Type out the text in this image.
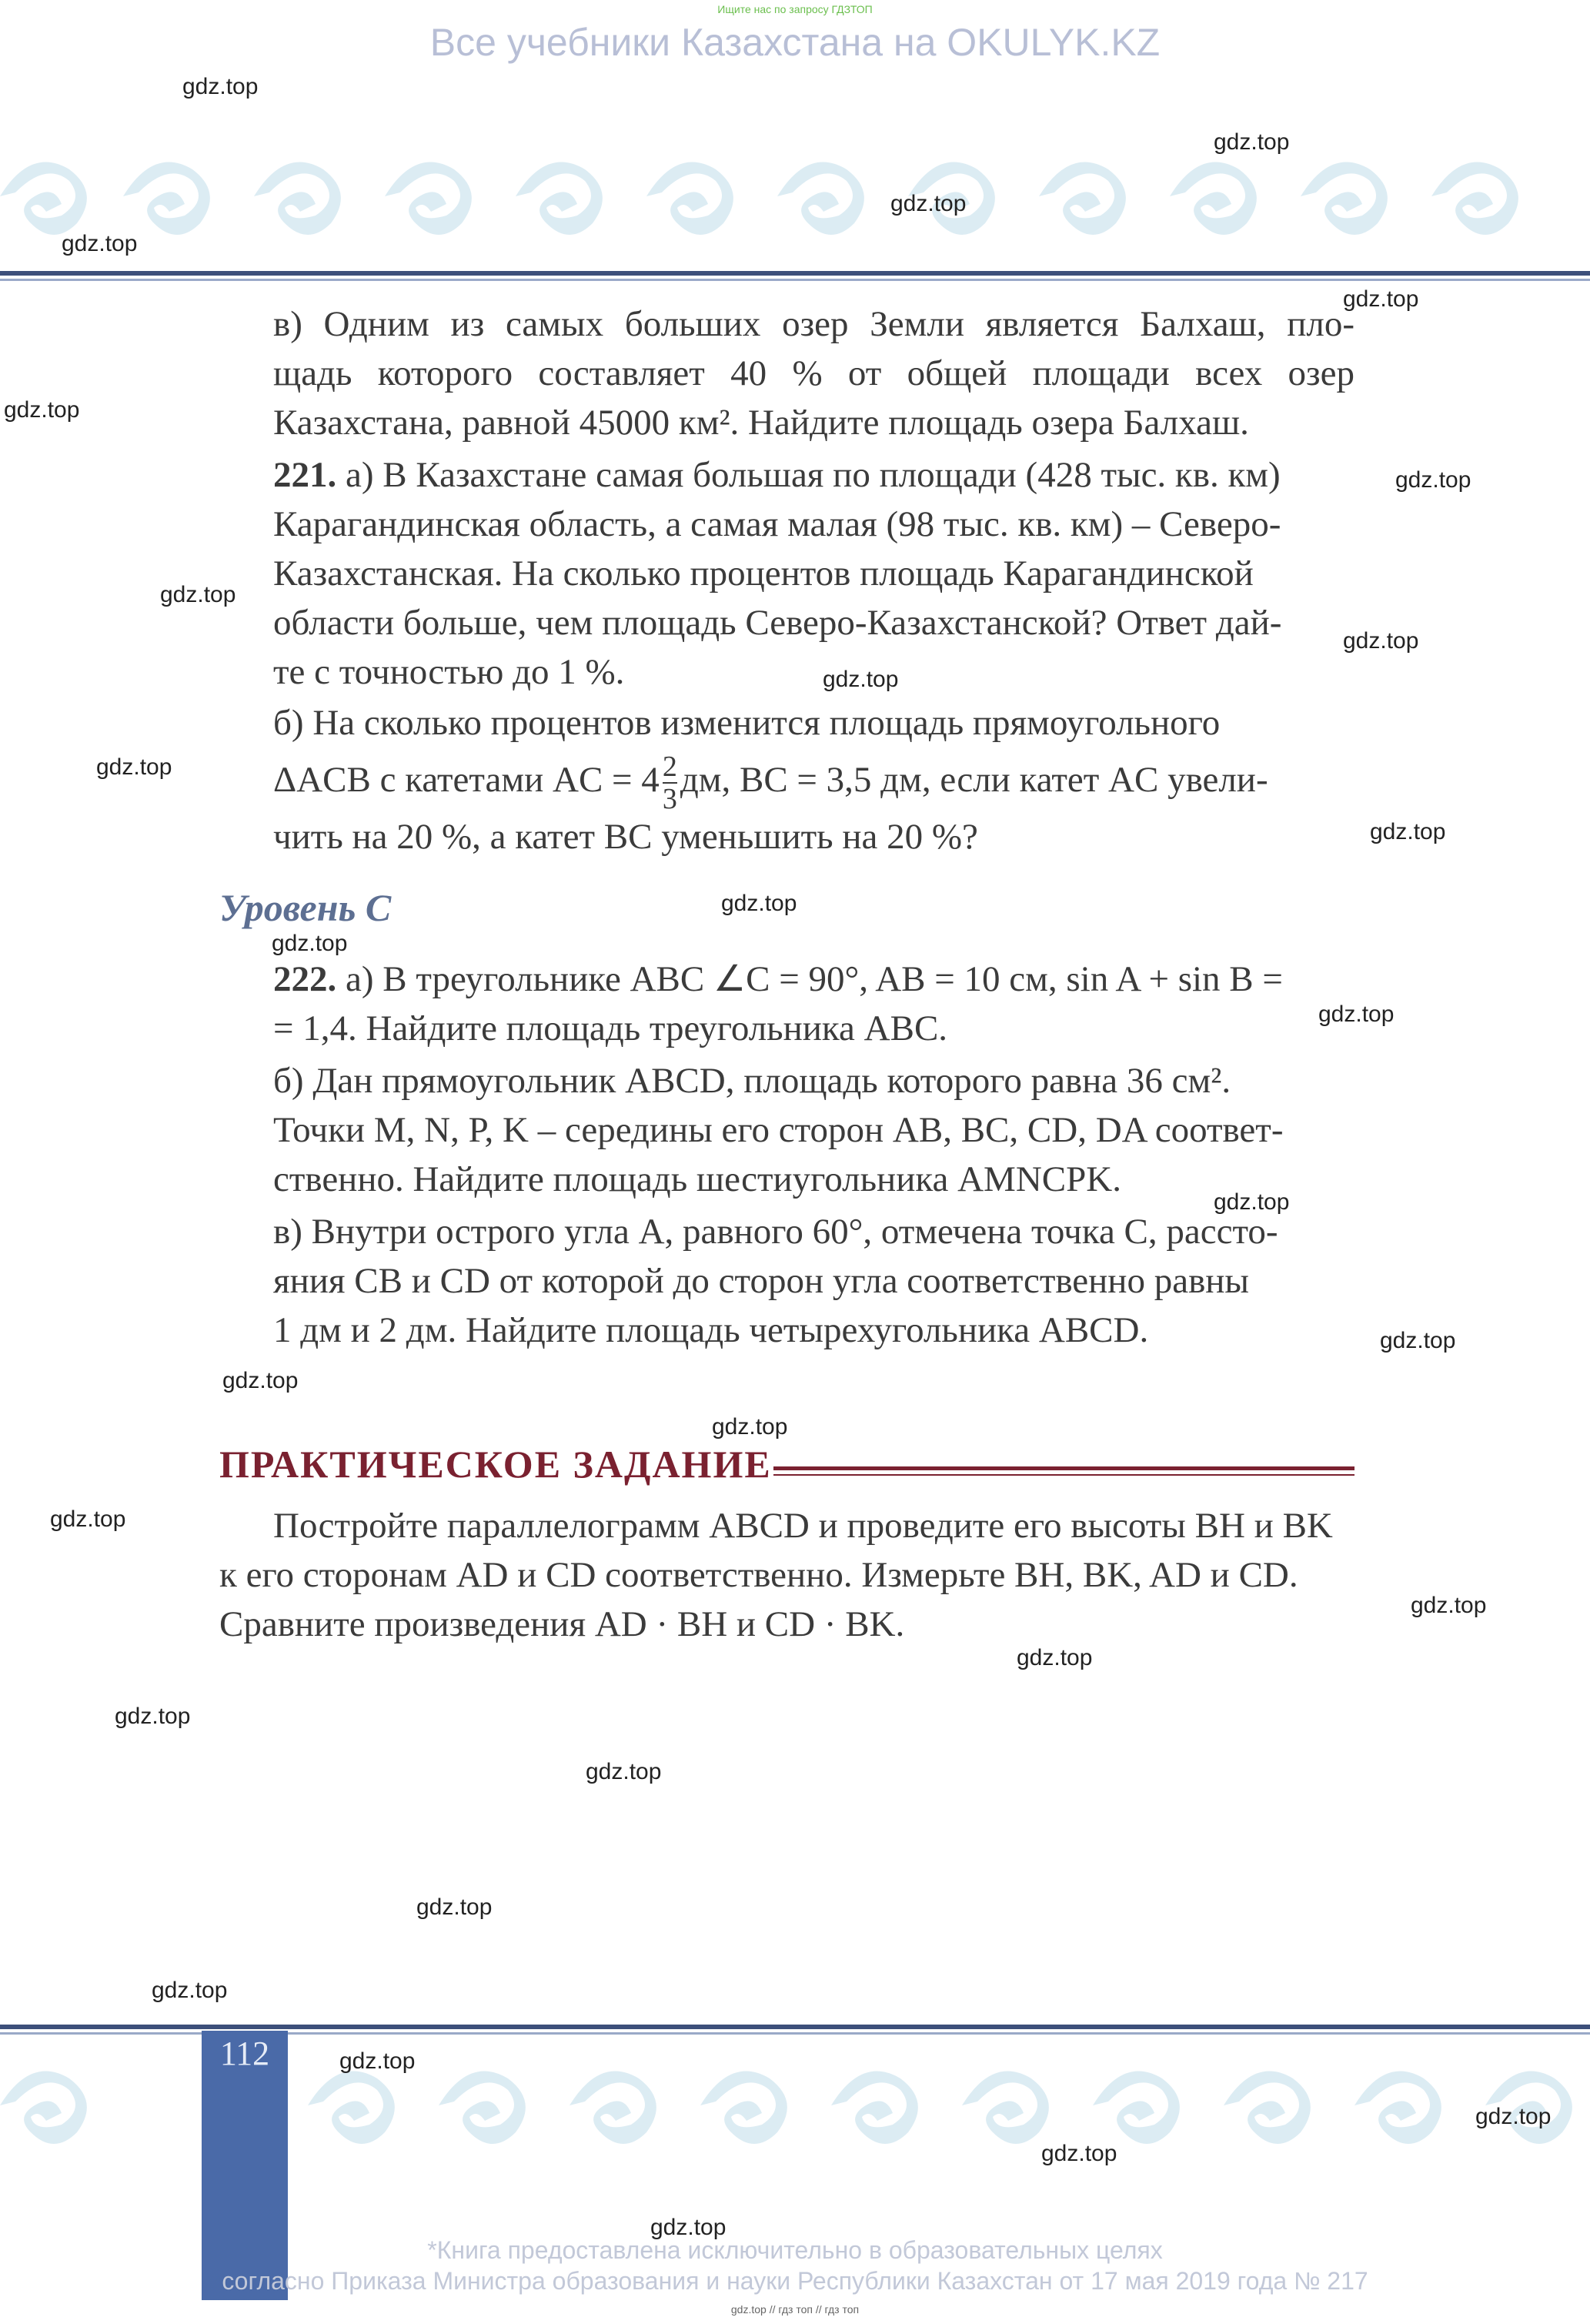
Ищите нас по запросу ГДЗТОП
Все учебники Казахстана на OKULYK.KZ
в) Одним из самых больших озер Земли является Балхаш, пло-
щадь которого составляет 40 % от общей площади всех озер
Казахстана, равной 45000 км². Найдите площадь озера Балхаш.
221. а) В Казахстане самая большая по площади (428 тыс. кв. км)
Карагандинская область, а самая малая (98 тыс. кв. км) – Северо-
Казахстанская. На сколько процентов площадь Карагандинской
области больше, чем площадь Северо-Казахстанской? Ответ дай-
те с точностью до 1 %.
б) На сколько процентов изменится площадь прямоугольного
ΔACB с катетами AC = $4 \frac{2}{3}$ дм, BC = 3,5 дм, если катет AC увели-
чить на 20 %, а катет BC уменьшить на 20 %?
Уровень С
222. а) В треугольнике ABC ∠C = 90°, AB = 10 см, sin A + sin B =
= 1,4. Найдите площадь треугольника ABC.
б) Дан прямоугольник ABCD, площадь которого равна 36 см².
Точки M, N, P, K – середины его сторон AB, BC, CD, DA соответ-
ственно. Найдите площадь шестиугольника AMNCPK.
в) Внутри острого угла A, равного 60°, отмечена точка C, рассто-
яния CB и CD от которой до сторон угла соответственно равны
1 дм и 2 дм. Найдите площадь четырехугольника ABCD.
ПРАКТИЧЕСКОЕ ЗАДАНИЕ
Постройте параллелограмм ABCD и проведите его высоты BH и BK
к его сторонам AD и CD соответственно. Измерьте BH, BK, AD и CD.
Сравните произведения AD · BH и CD · BK.
112
*Книга предоставлена исключительно в образовательных целях
согласно Приказа Министра образования и науки Республики Казахстан от 17 мая 2019 года № 217
gdz.top // гдз топ // гдз топ
gdz.top
gdz.top
gdz.top
gdz.top
gdz.top
gdz.top
gdz.top
gdz.top
gdz.top
gdz.top
gdz.top
gdz.top
gdz.top
gdz.top
gdz.top
gdz.top
gdz.top
gdz.top
gdz.top
gdz.top
gdz.top
gdz.top
gdz.top
gdz.top
gdz.top
gdz.top
gdz.top
gdz.top
gdz.top
gdz.top
